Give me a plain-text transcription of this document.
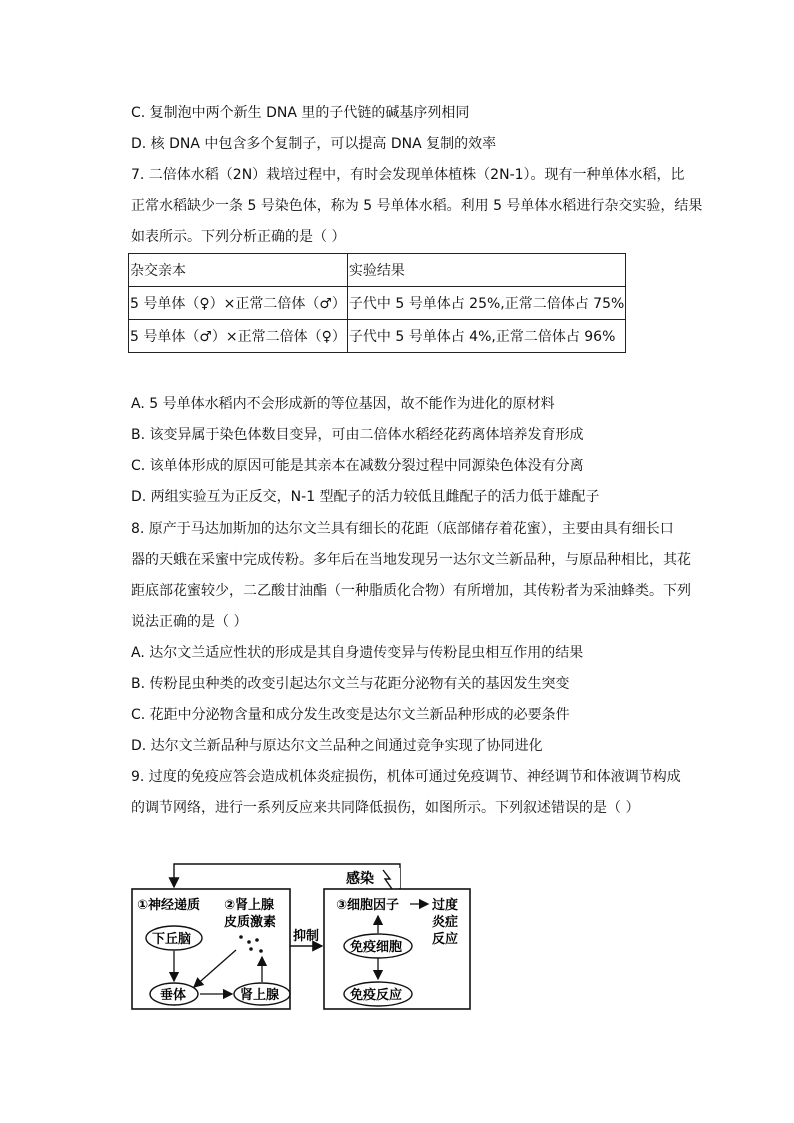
C. 复制泡中两个新生 DNA 里的子代链的碱基序列相同
D. 核 DNA 中包含多个复制子，可以提高 DNA 复制的效率
7. 二倍体水稻（2N）栽培过程中，有时会发现单体植株（2N-1）。现有一种单体水稻，比
正常水稻缺少一条 5 号染色体，称为 5 号单体水稻。利用 5 号单体水稻进行杂交实验，结果
如表所示。下列分析正确的是（ ）
杂交亲本	实验结果
5 号单体（♀）×正常二倍体（♂）	子代中 5 号单体占 25%,正常二倍体占 75%
5 号单体（♂）×正常二倍体（♀）	子代中 5 号单体占 4%,正常二倍体占 96%
A. 5 号单体水稻内不会形成新的等位基因，故不能作为进化的原材料
B. 该变异属于染色体数目变异，可由二倍体水稻经花药离体培养发育形成
C. 该单体形成的原因可能是其亲本在减数分裂过程中同源染色体没有分离
D. 两组实验互为正反交，N-1 型配子的活力较低且雌配子的活力低于雄配子
8. 原产于马达加斯加的达尔文兰具有细长的花距（底部储存着花蜜），主要由具有细长口
器的天蛾在采蜜中完成传粉。多年后在当地发现另一达尔文兰新品种，与原品种相比，其花
距底部花蜜较少，二乙酸甘油酯（一种脂质化合物）有所增加，其传粉者为采油蜂类。下列
说法正确的是（ ）
A. 达尔文兰适应性状的形成是其自身遗传变异与传粉昆虫相互作用的结果
B. 传粉昆虫种类的改变引起达尔文兰与花距分泌物有关的基因发生突变
C. 花距中分泌物含量和成分发生改变是达尔文兰新品种形成的必要条件
D. 达尔文兰新品种与原达尔文兰品种之间通过竞争实现了协同进化
9. 过度的免疫应答会造成机体炎症损伤，机体可通过免疫调节、神经调节和体液调节构成
的调节网络，进行一系列反应来共同降低损伤，如图所示。下列叙述错误的是（ ）
感染
①神经递质 ②肾上腺
皮质激素
下丘脑
垂体	肾上腺
抑制
③细胞因子	过度
炎症
反应
免疫细胞
免疫反应
